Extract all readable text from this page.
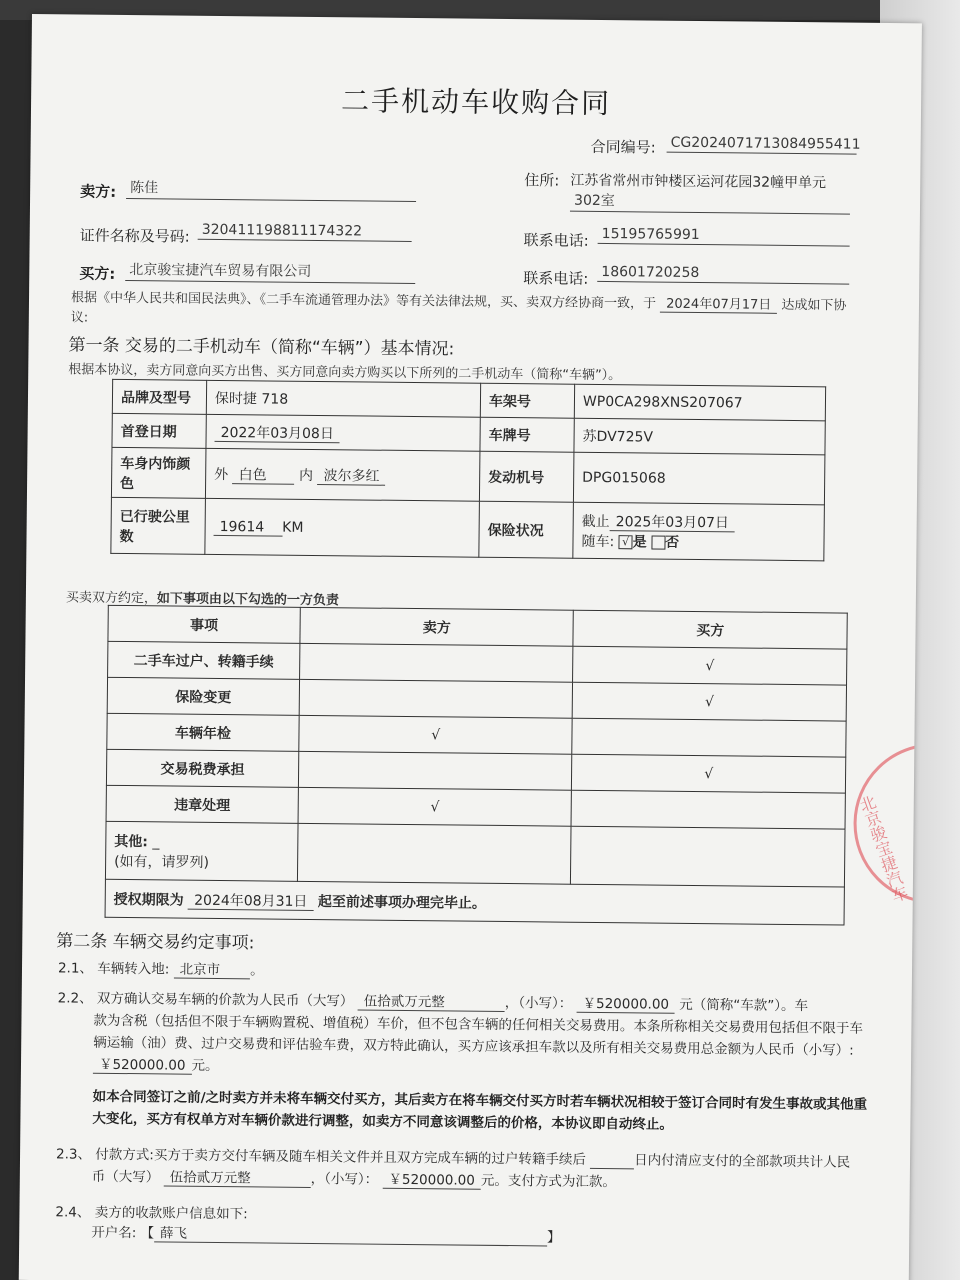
二手机动车收购合同
合同编号: CG2024071713084955411
卖方: 陈佳	住所: 江苏省常州市钟楼区运河花园32幢甲单元
302室
证件名称及号码: 320411198811174322
联系电话: 15195765991
买方: 北京骏宝捷汽车贸易有限公司	联系电话: 18601720258
根据《中华人民共和国民法典》、《二手车流通管理办法》等有关法律法规，买、卖双方经协商一致，于 2024年07月17日 达成如下协
议:
第一条 交易的二手机动车（简称“车辆”）基本情况:
根据本协议，卖方同意向买方出售、买方同意向卖方购买以下所列的二手机动车（简称“车辆”）。
品牌及型号	保时捷 718	车架号	WP0CA298XNS207067
首登日期	2022年03月08日	车牌号	苏DV725V
车身内饰颜
色	外 白色 内 波尔多红	发动机号	DPG015068
已行驶公里
数	19614 KM	保险状况	截止 2025年03月07日
随车: √ 是 否
买卖双方约定，如下事项由以下勾选的一方负责
事项	卖方	买方
二手车过户、转籍手续		√
保险变更		√
车辆年检	√	
交易税费承担		√
违章处理	√	
其他: _
(如有，请罗列)		
授权期限为 2024年08月31日 起至前述事项办理完毕止。		
第二条 车辆交易约定事项:
2.1、 车辆转入地: 北京市 。
2.2、 双方确认交易车辆的价款为人民币（大写） 伍拾贰万元整	，（小写）： ￥520000.00 元（简称“车款”）。车
款为含税（包括但不限于车辆购置税、增值税）车价，但不包含车辆的任何相关交易费用。本条所称相关交易费用包括但不限于车
辆运输（油）费、过户交易费和评估验车费，双方特此确认，买方应该承担车款以及所有相关交易费用总金额为人民币（小写）:
￥520000.00 元。
如本合同签订之前/之时卖方并未将车辆交付买方，其后卖方在将车辆交付买方时若车辆状况相较于签订合同时有发生事故或其他重
大变化，买方有权单方对车辆价款进行调整，如卖方不同意该调整后的价格，本协议即自动终止。
2.3、 付款方式:买方于卖方交付车辆及随车相关文件并且双方完成车辆的过户转籍手续后	日内付清应支付的全部款项共计人民
币（大写） 伍拾贰万元整	，（小写）： ￥520000.00 元。支付方式为汇款。
2.4、 卖方的收款账户信息如下:
开户名: 【 薛飞	】
北京骏宝捷汽车
